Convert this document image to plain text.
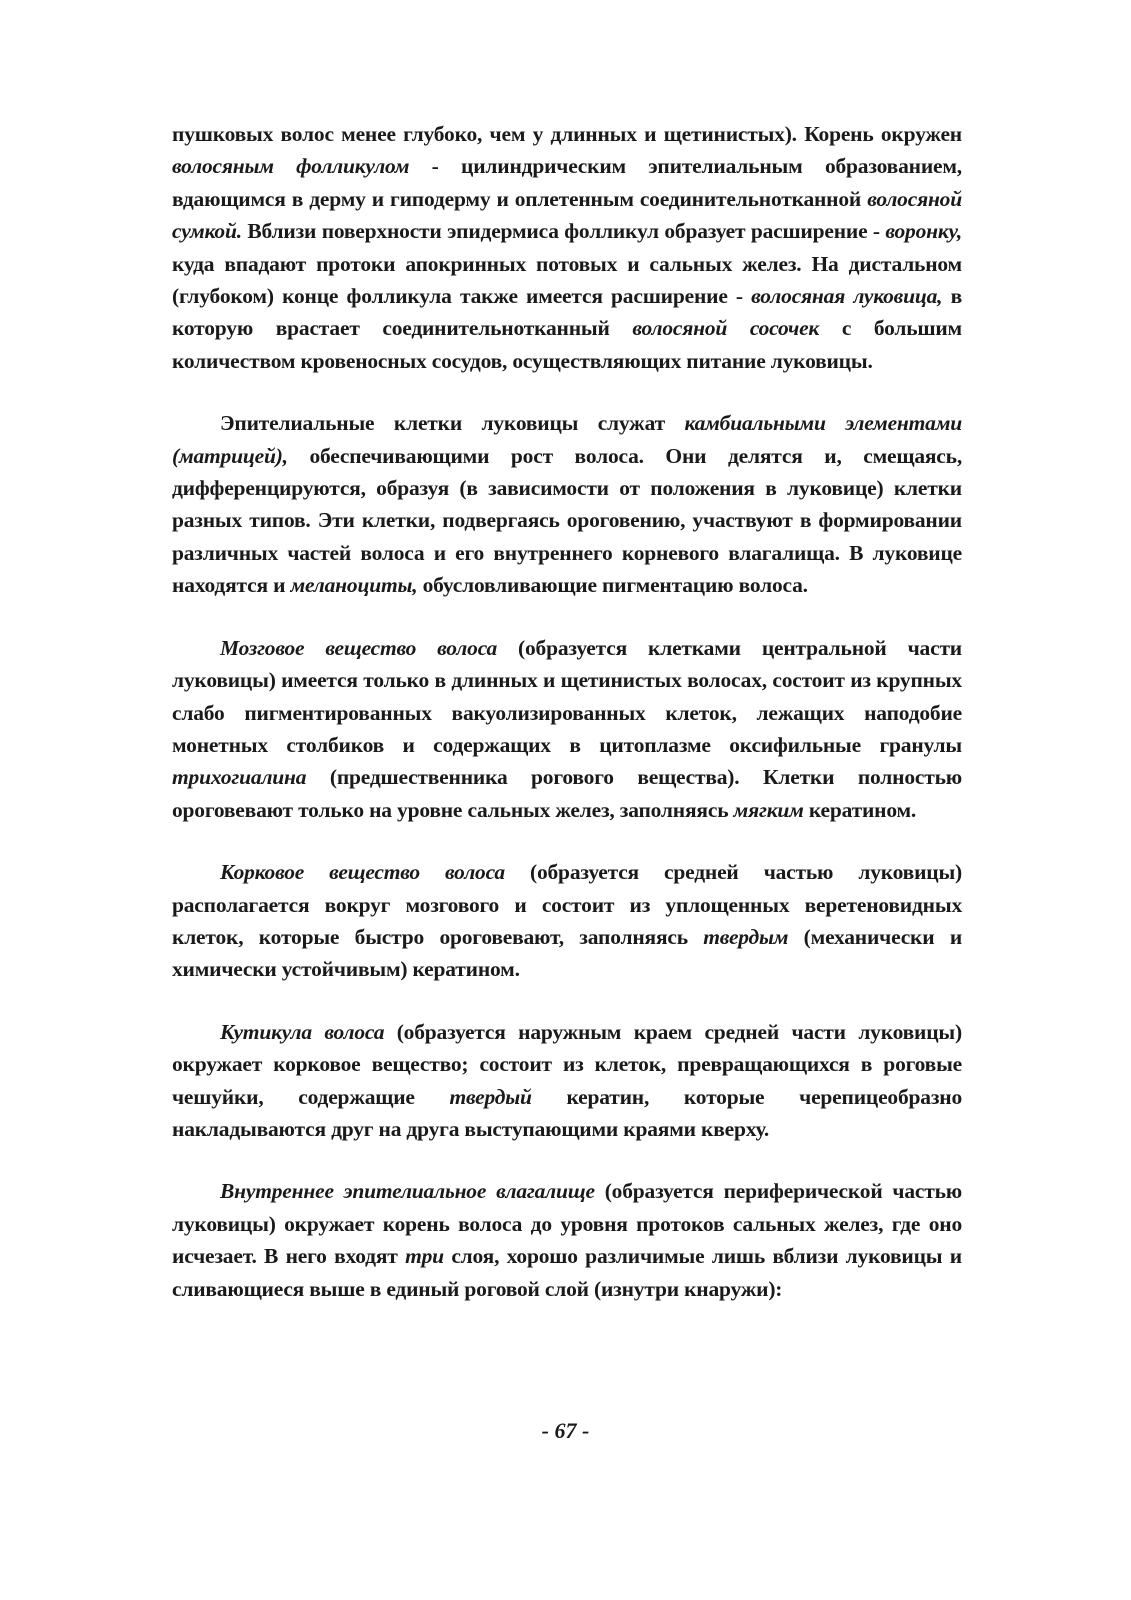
пушковых волос менее глубоко, чем у длинных и щетинистых). Корень окружен волосяным фолликулом - цилиндрическим эпителиальным образованием, вдающимся в дерму и гиподерму и оплетенным соединительнотканной волосяной сумкой. Вблизи поверхности эпидермиса фолликул образует расширение - воронку, куда впадают протоки апокринных потовых и сальных желез. На дистальном (глубоком) конце фолликула также имеется расширение - волосяная луковица, в которую врастает соединительнотканный волосяной сосочек с большим количеством кровеносных сосудов, осуществляющих питание луковицы.

Эпителиальные клетки луковицы служат камбиальными элементами (матрицей), обеспечивающими рост волоса. Они делятся и, смещаясь, дифференцируются, образуя (в зависимости от положения в луковице) клетки разных типов. Эти клетки, подвергаясь ороговению, участвуют в формировании различных частей волоса и его внутреннего корневого влагалища. В луковице находятся и меланоциты, обусловливающие пигментацию волоса.

Мозговое вещество волоса (образуется клетками центральной части луковицы) имеется только в длинных и щетинистых волосах, состоит из крупных слабо пигментированных вакуолизированных клеток, лежащих наподобие монетных столбиков и содержащих в цитоплазме оксифильные гранулы трихогиалина (предшественника рогового вещества). Клетки полностью ороговевают только на уровне сальных желез, заполняясь мягким кератином.

Корковое вещество волоса (образуется средней частью луковицы) располагается вокруг мозгового и состоит из уплощенных веретеновидных клеток, которые быстро ороговевают, заполняясь твердым (механически и химически устойчивым) кератином.

Кутикула волоса (образуется наружным краем средней части луковицы) окружает корковое вещество; состоит из клеток, превращающихся в роговые чешуйки, содержащие твердый кератин, которые черепицеобразно накладываются друг на друга выступающими краями кверху.

Внутреннее эпителиальное влагалище (образуется периферической частью луковицы) окружает корень волоса до уровня протоков сальных желез, где оно исчезает. В него входят три слоя, хорошо различимые лишь вблизи луковицы и сливающиеся выше в единый роговой слой (изнутри кнаружи):

- 67 -
